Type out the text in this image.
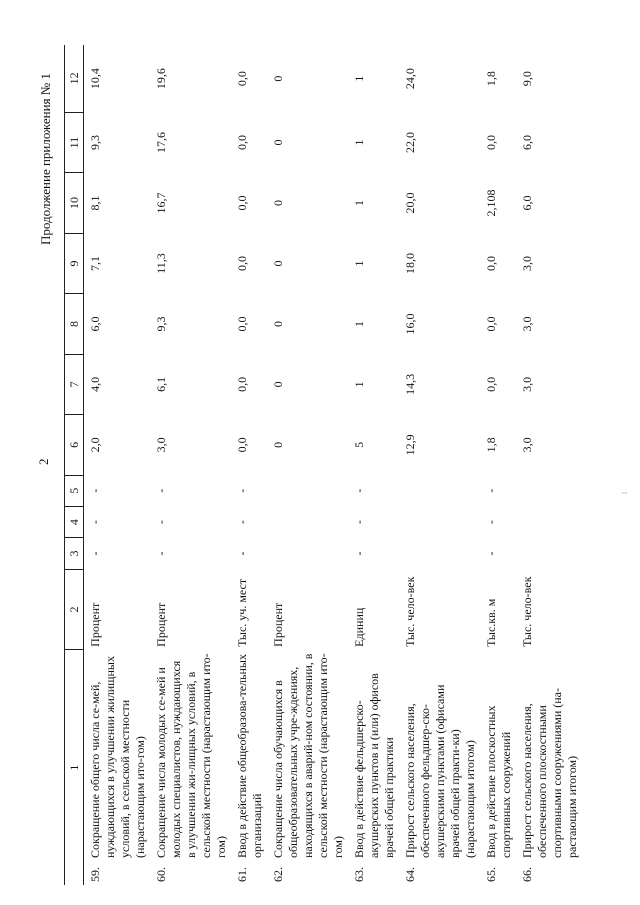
2
Продолжение приложения № 1
1	2	3	4	5	6	7	8	9	10	11	12

59.
Сокращение общего числа се-мей, нуждающихся в улучшении жилищных условий, в сельской местности (нарастающим ито-гом)
Процент	-	-	-	2,0	4,0	6,0	7,1	8,1	9,3	10,4

60.
Сокращение числа молодых се-мей и молодых специалистов, нуждающихся в улучшении жи-лищных условий, в сельской местности (нарастающим ито-гом)
Процент	-	-	-	3,0	6,1	9,3	11,3	16,7	17,6	19,6

61.
Ввод в действие общеобразова-тельных организаций
Тыс. уч. мест	-	-	-	0,0	0,0	0,0	0,0	0,0	0,0	0,0

62.
Сокращение числа обучающихся в общеобразовательных учре-ждениях, находящихся в аварий-ном состоянии, в сельской местности (нарастающим ито-гом)
Процент				0	0	0	0	0	0	0

63.
Ввод в действие фельдшерско-акушерских пунктов и (или) офисов врачей общей практики
Единиц	-	-	-	5	1	1	1	1	1	1

64.
Прирост сельского населения, обеспеченного фельдшер-ско-акушерскими пунктами (офисами врачей общей практи-ки) (нарастающим итогом)
Тыс. чело-век				12,9	14,3	16,0	18,0	20,0	22,0	24,0

65.
Ввод в действие плоскостных спортивных сооружений
Тыс.кв. м	-	-	-	1,8	0,0	0,0	0,0	2,108	0,0	1,8

66.
Прирост сельского населения, обеспеченного плоскостными спортивными сооружениями (на-растающим итогом)
Тыс. чело-век				3,0	3,0	3,0	3,0	6,0	6,0	9,0
1
